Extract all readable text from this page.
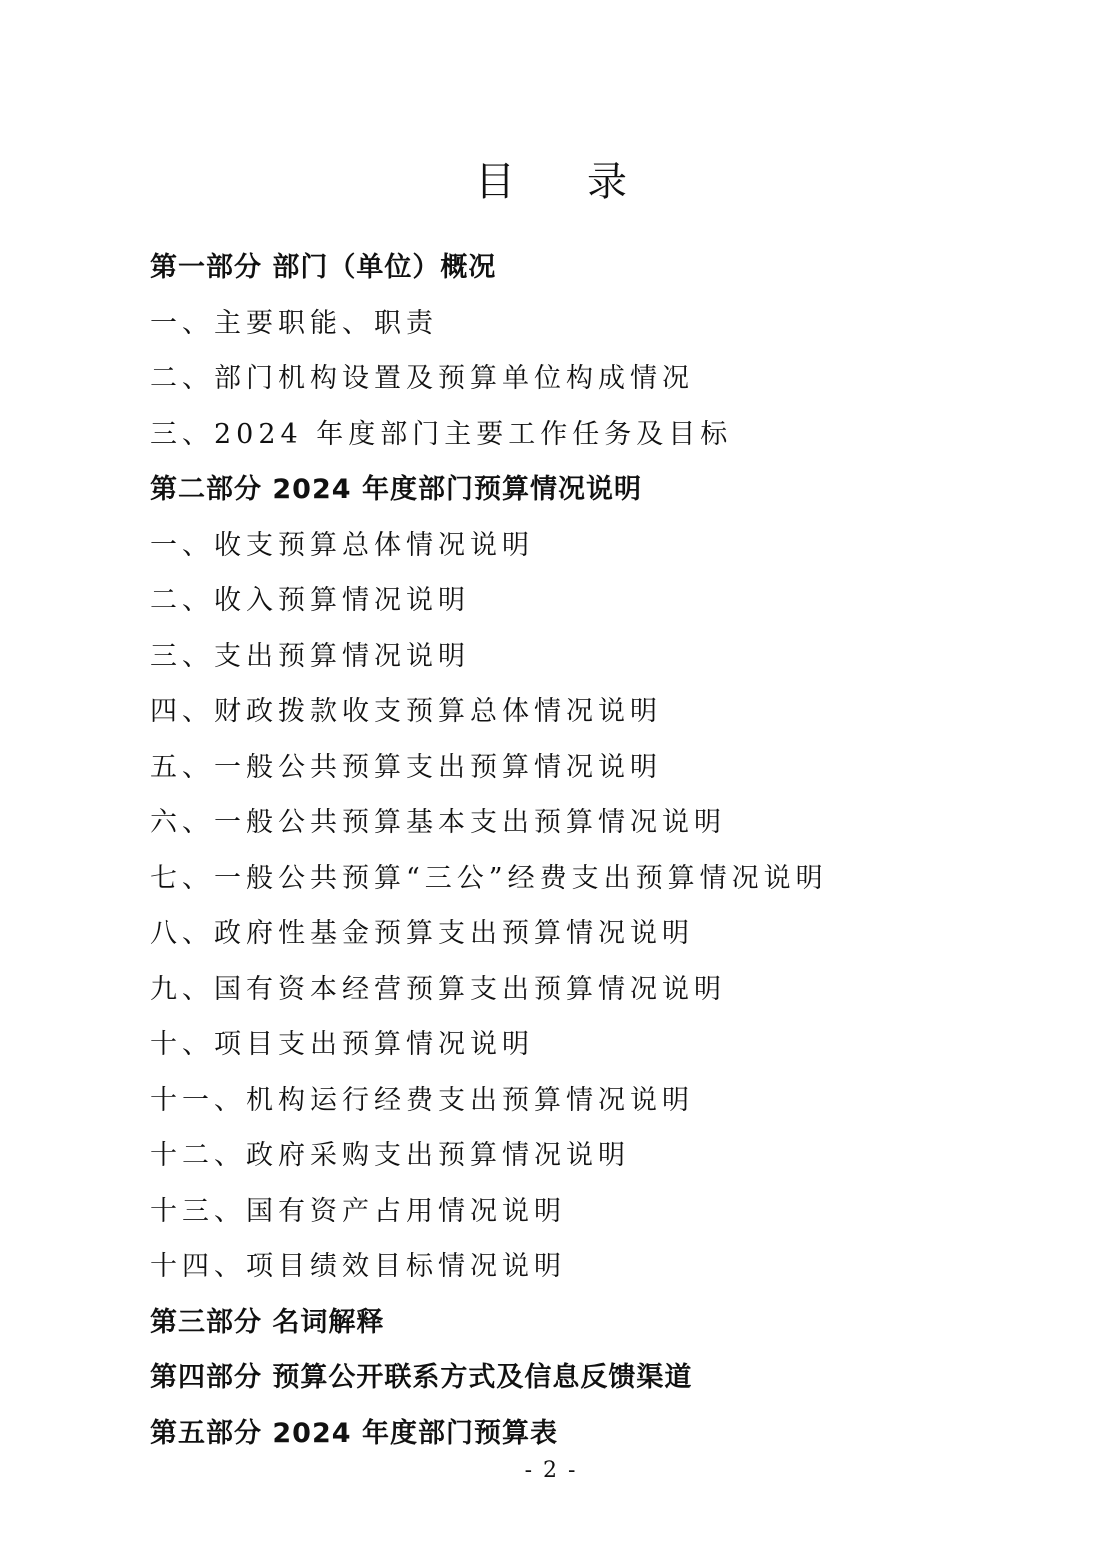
目录
第一部分 部门（单位）概况
一、主要职能、职责
二、部门机构设置及预算单位构成情况
三、2024 年度部门主要工作任务及目标
第二部分 2024 年度部门预算情况说明
一、收支预算总体情况说明
二、收入预算情况说明
三、支出预算情况说明
四、财政拨款收支预算总体情况说明
五、一般公共预算支出预算情况说明
六、一般公共预算基本支出预算情况说明
七、一般公共预算“三公”经费支出预算情况说明
八、政府性基金预算支出预算情况说明
九、国有资本经营预算支出预算情况说明
十、项目支出预算情况说明
十一、机构运行经费支出预算情况说明
十二、政府采购支出预算情况说明
十三、国有资产占用情况说明
十四、项目绩效目标情况说明
第三部分 名词解释
第四部分 预算公开联系方式及信息反馈渠道
第五部分 2024 年度部门预算表
- 2 -
